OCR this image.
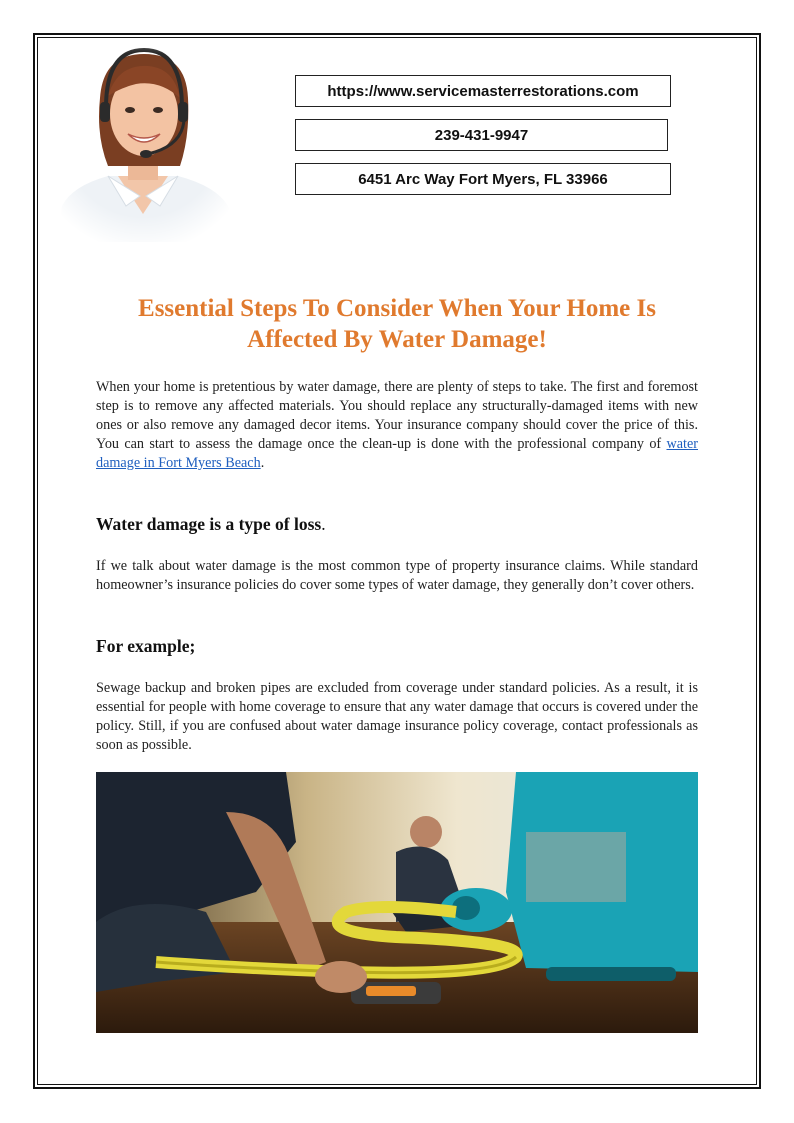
https://www.servicemasterrestorations.com
239-431-9947
6451 Arc Way Fort Myers, FL 33966
Essential Steps To Consider When Your Home Is
Affected By Water Damage!

When your home is pretentious by water damage, there are plenty of steps to take. The first and foremost step is to remove any affected materials. You should replace any structurally-damaged items with new ones or also remove any damaged decor items. Your insurance company should cover the price of this. You can start to assess the damage once the clean-up is done with the professional company of water damage in Fort Myers Beach.

Water damage is a type of loss.

If we talk about water damage is the most common type of property insurance claims. While standard homeowner’s insurance policies do cover some types of water damage, they generally don’t cover others.

For example;

Sewage backup and broken pipes are excluded from coverage under standard policies. As a result, it is essential for people with home coverage to ensure that any water damage that occurs is covered under the policy. Still, if you are confused about water damage insurance policy coverage, contact professionals as soon as possible.
